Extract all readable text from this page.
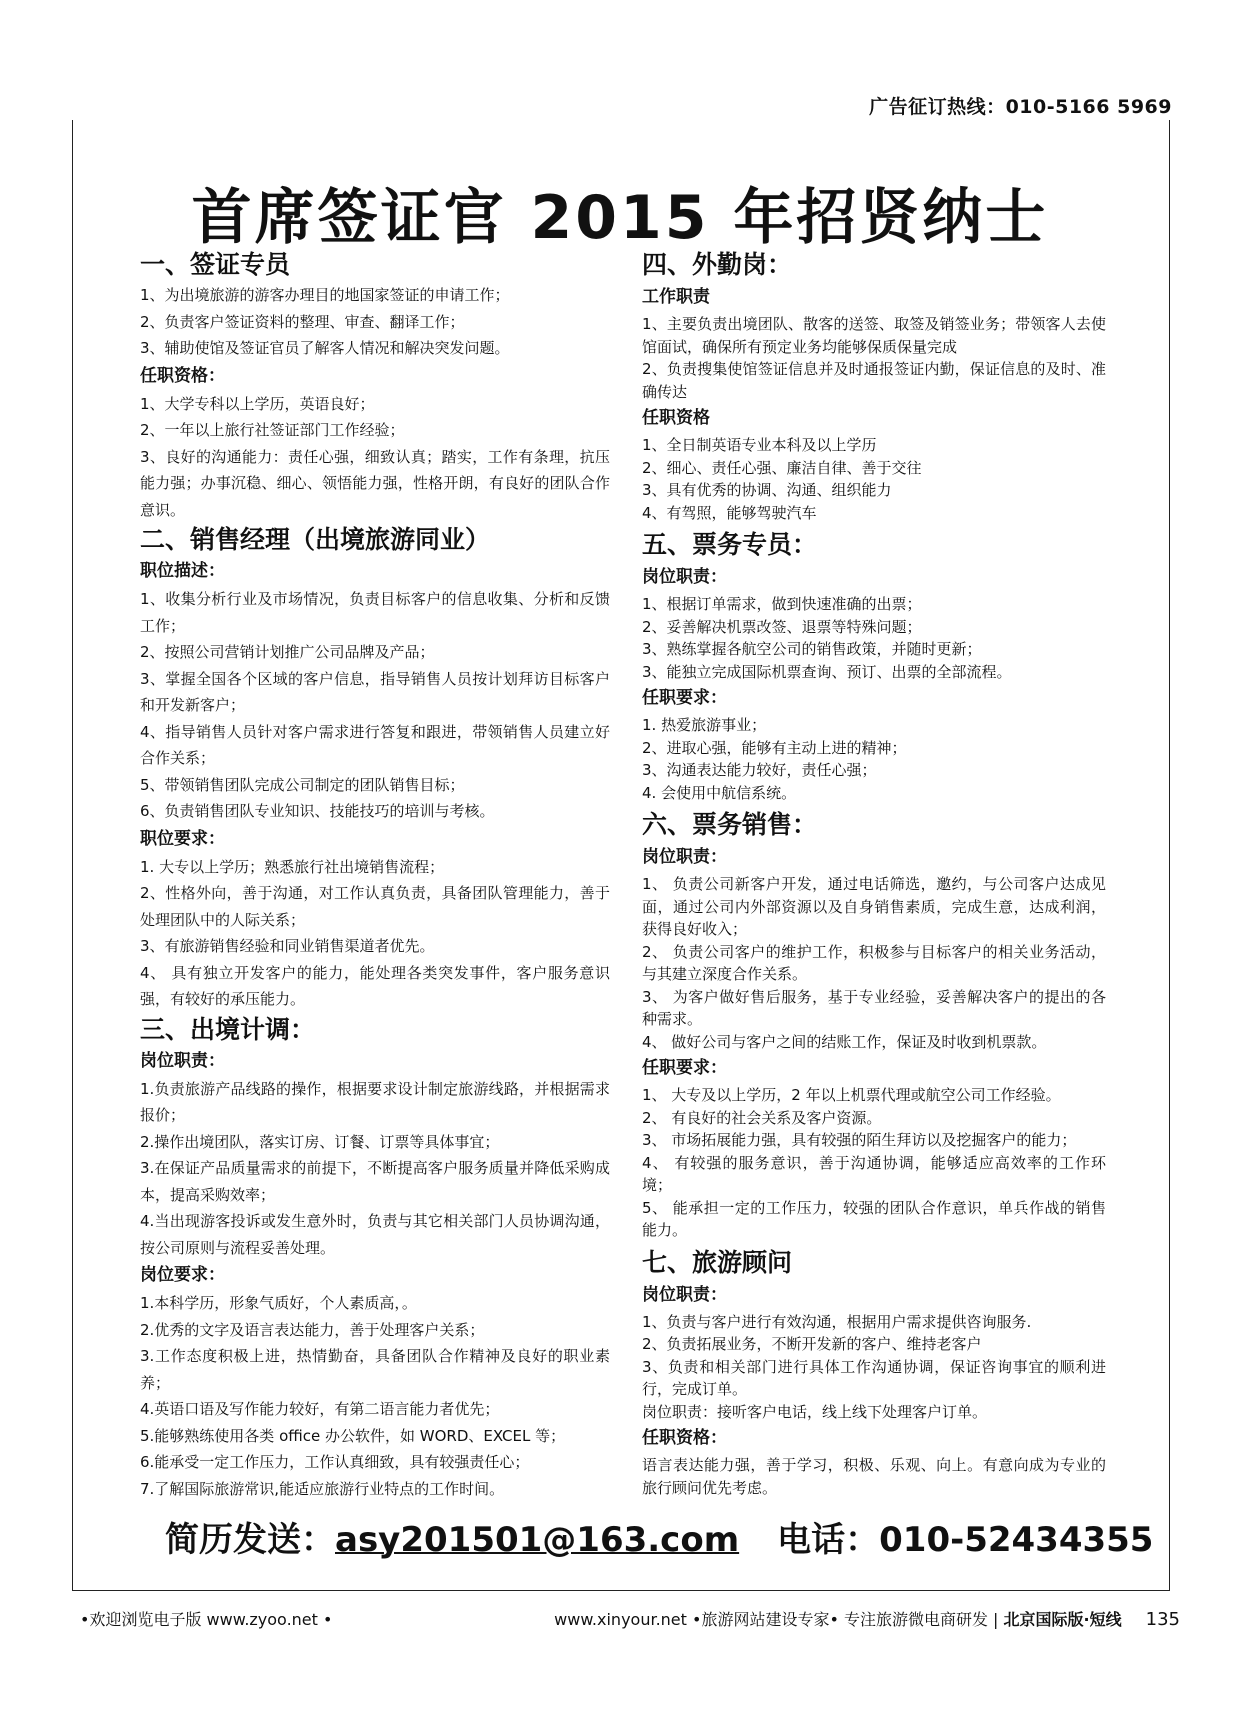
广告征订热线：010-5166 5969
首席签证官 2015 年招贤纳士
一、签证专员

1、为出境旅游的游客办理目的地国家签证的申请工作；

2、负责客户签证资料的整理、审查、翻译工作；

3、辅助使馆及签证官员了解客人情况和解决突发问题。

任职资格：

1、大学专科以上学历，英语良好；

2、一年以上旅行社签证部门工作经验；

3、良好的沟通能力：责任心强，细致认真；踏实，工作有条理，抗压能力强；办事沉稳、细心、领悟能力强，性格开朗，有良好的团队合作意识。

二、销售经理（出境旅游同业）
职位描述：

1、收集分析行业及市场情况，负责目标客户的信息收集、分析和反馈工作；

2、按照公司营销计划推广公司品牌及产品；

3、掌握全国各个区域的客户信息，指导销售人员按计划拜访目标客户和开发新客户；

4、指导销售人员针对客户需求进行答复和跟进，带领销售人员建立好合作关系；

5、带领销售团队完成公司制定的团队销售目标；

6、负责销售团队专业知识、技能技巧的培训与考核。

职位要求：

1. 大专以上学历；熟悉旅行社出境销售流程；

2、性格外向，善于沟通，对工作认真负责，具备团队管理能力，善于处理团队中的人际关系；

3、有旅游销售经验和同业销售渠道者优先。

4、 具有独立开发客户的能力，能处理各类突发事件，客户服务意识强，有较好的承压能力。

三、出境计调：
岗位职责：

1.负责旅游产品线路的操作，根据要求设计制定旅游线路，并根据需求报价；

2.操作出境团队，落实订房、订餐、订票等具体事宜；

3.在保证产品质量需求的前提下，不断提高客户服务质量并降低采购成本，提高采购效率；

4.当出现游客投诉或发生意外时，负责与其它相关部门人员协调沟通，按公司原则与流程妥善处理。

岗位要求：

1.本科学历，形象气质好，个人素质高，。

2.优秀的文字及语言表达能力，善于处理客户关系；

3.工作态度积极上进，热情勤奋，具备团队合作精神及良好的职业素养；

4.英语口语及写作能力较好，有第二语言能力者优先；

5.能够熟练使用各类 office 办公软件，如 WORD、EXCEL 等；

6.能承受一定工作压力，工作认真细致，具有较强责任心；

7.了解国际旅游常识,能适应旅游行业特点的工作时间。

四、外勤岗：
工作职责

1、主要负责出境团队、散客的送签、取签及销签业务；带领客人去使馆面试，确保所有预定业务均能够保质保量完成

2、负责搜集使馆签证信息并及时通报签证内勤，保证信息的及时、准确传达

任职资格

1、全日制英语专业本科及以上学历

2、细心、责任心强、廉洁自律、善于交往

3、具有优秀的协调、沟通、组织能力

4、有驾照，能够驾驶汽车

五、票务专员：
岗位职责：

1、根据订单需求，做到快速准确的出票；

2、妥善解决机票改签、退票等特殊问题；

3、熟练掌握各航空公司的销售政策，并随时更新；

3、能独立完成国际机票查询、预订、出票的全部流程。

任职要求：

1. 热爱旅游事业；

2、进取心强，能够有主动上进的精神；

3、沟通表达能力较好，责任心强；

4. 会使用中航信系统。

六、票务销售：
岗位职责：

1、 负责公司新客户开发，通过电话筛选，邀约，与公司客户达成见面，通过公司内外部资源以及自身销售素质，完成生意，达成利润，获得良好收入；

2、 负责公司客户的维护工作，积极参与目标客户的相关业务活动，与其建立深度合作关系。

3、 为客户做好售后服务，基于专业经验，妥善解决客户的提出的各种需求。

4、 做好公司与客户之间的结账工作，保证及时收到机票款。

任职要求：

1、 大专及以上学历，2 年以上机票代理或航空公司工作经验。

2、 有良好的社会关系及客户资源。

3、 市场拓展能力强，具有较强的陌生拜访以及挖掘客户的能力；

4、 有较强的服务意识，善于沟通协调，能够适应高效率的工作环境；

5、 能承担一定的工作压力，较强的团队合作意识，单兵作战的销售能力。

七、旅游顾问
岗位职责：

1、负责与客户进行有效沟通，根据用户需求提供咨询服务.

2、负责拓展业务，不断开发新的客户、维持老客户

3、负责和相关部门进行具体工作沟通协调，保证咨询事宜的顺利进行，完成订单。

岗位职责：接听客户电话，线上线下处理客户订单。

任职资格：

语言表达能力强，善于学习，积极、乐观、向上。有意向成为专业的旅行顾问优先考虑。

简历发送：asy201501@163.com 电话：010-52434355
•欢迎浏览电子版 www.zyoo.net •	www.xinyour.net •旅游网站建设专家• 专注旅游微电商研发 | 北京国际版·短线 135
